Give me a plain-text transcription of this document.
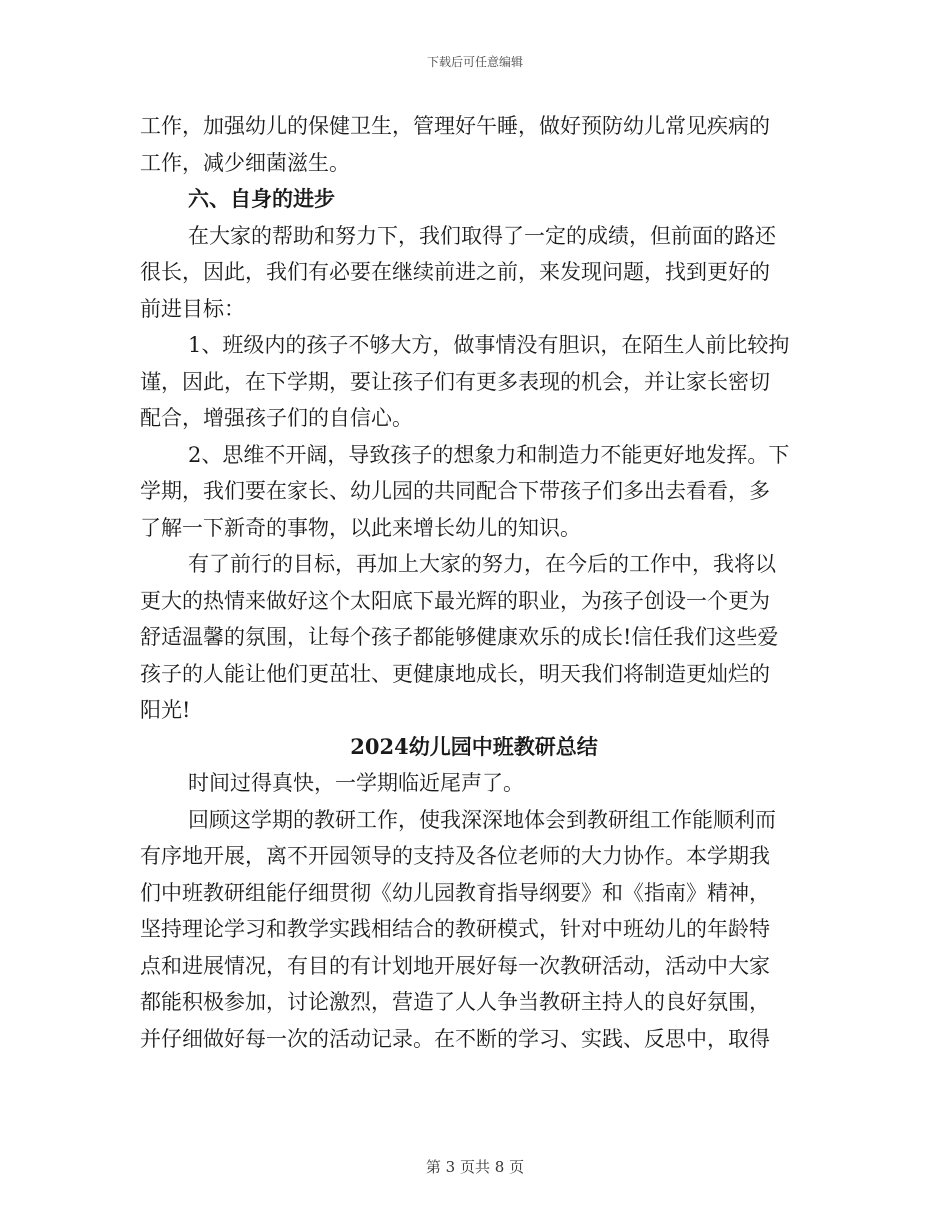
下载后可任意编辑
工作，加强幼儿的保健卫生，管理好午睡，做好预防幼儿常见疾病的
工作，减少细菌滋生。
六、自身的进步
在大家的帮助和努力下，我们取得了一定的成绩，但前面的路还
很长，因此，我们有必要在继续前进之前，来发现问题，找到更好的
前进目标：
1、班级内的孩子不够大方，做事情没有胆识，在陌生人前比较拘
谨，因此，在下学期，要让孩子们有更多表现的机会，并让家长密切
配合，增强孩子们的自信心。
2、思维不开阔，导致孩子的想象力和制造力不能更好地发挥。下
学期，我们要在家长、幼儿园的共同配合下带孩子们多出去看看，多
了解一下新奇的事物，以此来增长幼儿的知识。
有了前行的目标，再加上大家的努力，在今后的工作中，我将以
更大的热情来做好这个太阳底下最光辉的职业，为孩子创设一个更为
舒适温馨的氛围，让每个孩子都能够健康欢乐的成长!信任我们这些爱
孩子的人能让他们更茁壮、更健康地成长，明天我们将制造更灿烂的
阳光!
2024幼儿园中班教研总结
时间过得真快，一学期临近尾声了。
回顾这学期的教研工作，使我深深地体会到教研组工作能顺利而
有序地开展，离不开园领导的支持及各位老师的大力协作。本学期我
们中班教研组能仔细贯彻《幼儿园教育指导纲要》和《指南》精神，
坚持理论学习和教学实践相结合的教研模式，针对中班幼儿的年龄特
点和进展情况，有目的有计划地开展好每一次教研活动，活动中大家
都能积极参加，讨论激烈，营造了人人争当教研主持人的良好氛围，
并仔细做好每一次的活动记录。在不断的学习、实践、反思中，取得
第 3 页共 8 页
